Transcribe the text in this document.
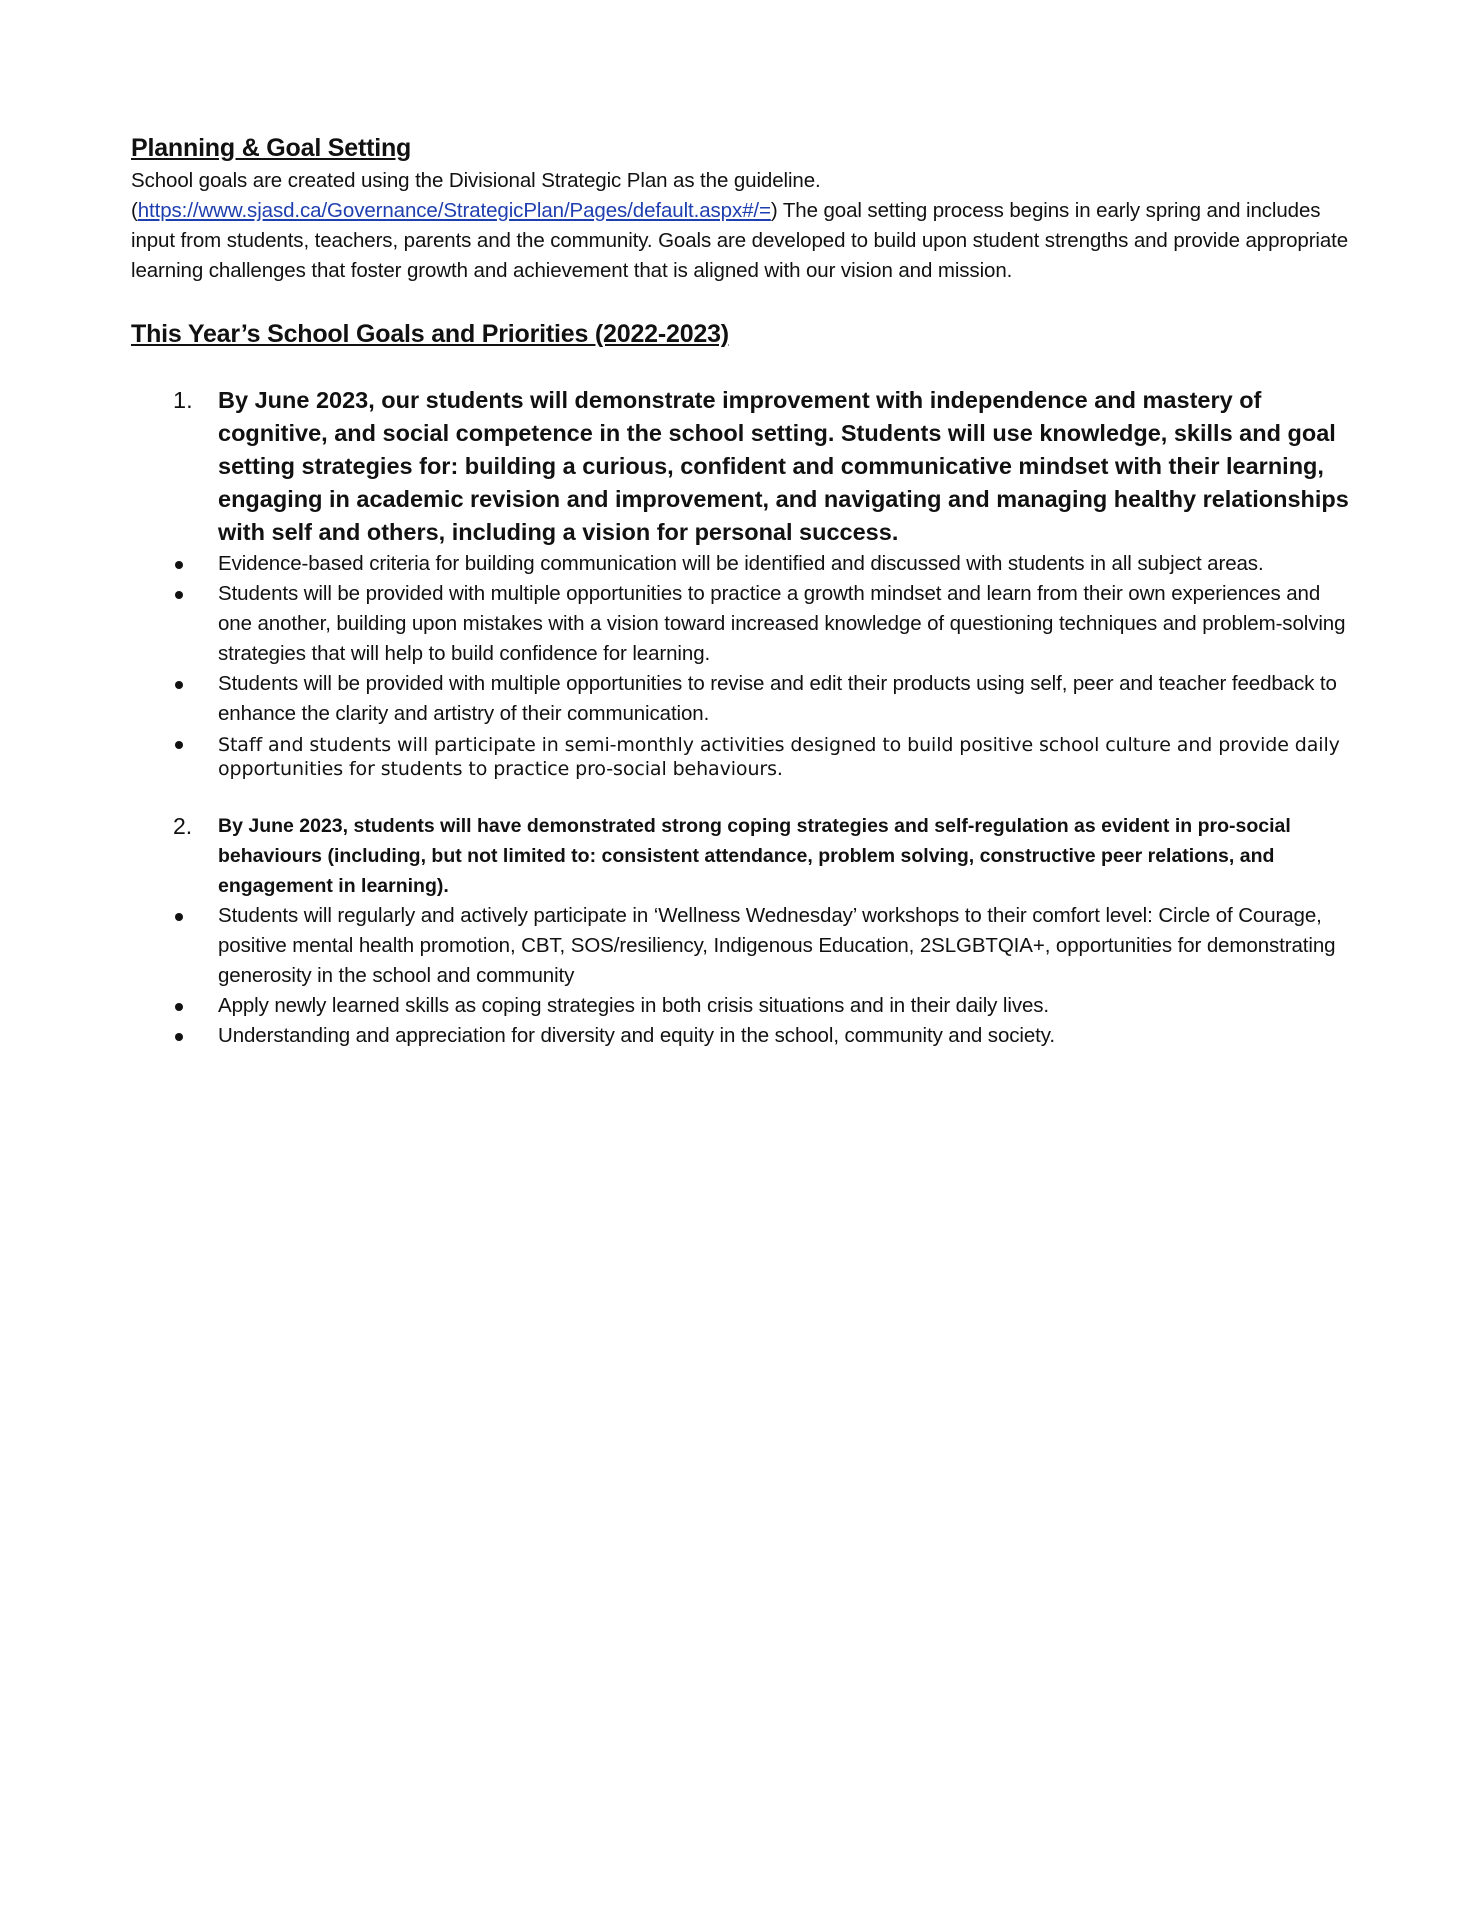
Planning & Goal Setting

School goals are created using the Divisional Strategic Plan as the guideline.
(https://www.sjasd.ca/Governance/StrategicPlan/Pages/default.aspx#/=) The goal setting process begins in early spring and includes input from students, teachers, parents and the community. Goals are developed to build upon student strengths and provide appropriate learning challenges that foster growth and achievement that is aligned with our vision and mission.

This Year’s School Goals and Priorities (2022-2023)
1. By June 2023, our students will demonstrate improvement with independence and mastery of cognitive, and social competence in the school setting. Students will use knowledge, skills and goal setting strategies for: building a curious, confident and communicative mindset with their learning, engaging in academic revision and improvement, and navigating and managing healthy relationships with self and others, including a vision for personal success.
Evidence-based criteria for building communication will be identified and discussed with students in all subject areas.
Students will be provided with multiple opportunities to practice a growth mindset and learn from their own experiences and one another, building upon mistakes with a vision toward increased knowledge of questioning techniques and problem-solving strategies that will help to build confidence for learning.
Students will be provided with multiple opportunities to revise and edit their products using self, peer and teacher feedback to enhance the clarity and artistry of their communication.
Staff and students will participate in semi-monthly activities designed to build positive school culture and provide daily opportunities for students to practice pro-social behaviours.
2. By June 2023, students will have demonstrated strong coping strategies and self-regulation as evident in pro-social behaviours (including, but not limited to: consistent attendance, problem solving, constructive peer relations, and engagement in learning).
Students will regularly and actively participate in ‘Wellness Wednesday’ workshops to their comfort level: Circle of Courage, positive mental health promotion, CBT, SOS/resiliency, Indigenous Education, 2SLGBTQIA+, opportunities for demonstrating generosity in the school and community
Apply newly learned skills as coping strategies in both crisis situations and in their daily lives.
Understanding and appreciation for diversity and equity in the school, community and society.
